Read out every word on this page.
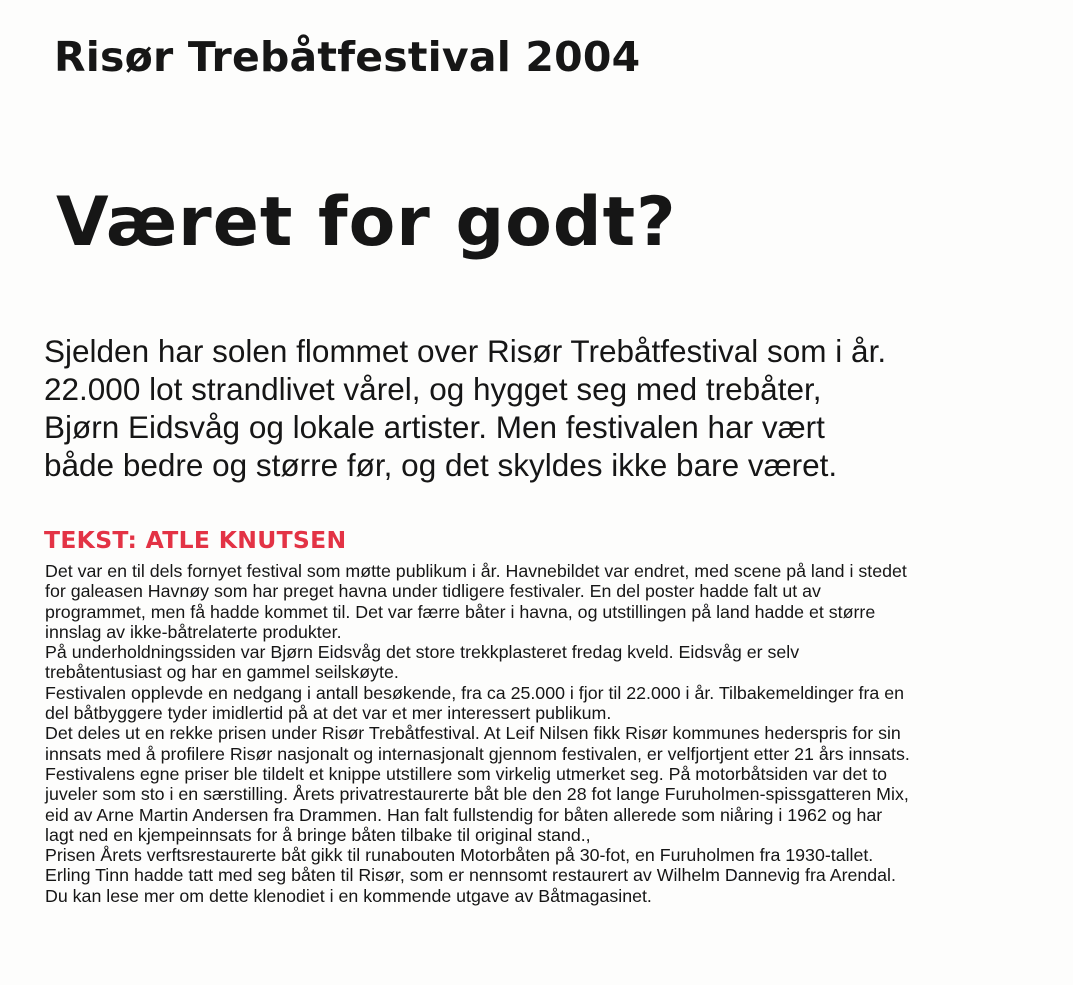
Risør Trebåtfestival 2004
Været for godt?

Sjelden har solen flommet over Risør Trebåtfestival som i år.
22.000 lot strandlivet vårel, og hygget seg med trebåter,
Bjørn Eidsvåg og lokale artister. Men festivalen har vært
både bedre og større før, og det skyldes ikke bare været.

TEKST: ATLE KNUTSEN

Det var en til dels fornyet festival som møtte publikum i år. Havnebildet var endret, med scene på land i stedet
for galeasen Havnøy som har preget havna under tidligere festivaler. En del poster hadde falt ut av
programmet, men få hadde kommet til. Det var færre båter i havna, og utstillingen på land hadde et større
innslag av ikke-båtrelaterte produkter.
På underholdningssiden var Bjørn Eidsvåg det store trekkplasteret fredag kveld. Eidsvåg er selv
trebåtentusiast og har en gammel seilskøyte.
Festivalen opplevde en nedgang i antall besøkende, fra ca 25.000 i fjor til 22.000 i år. Tilbakemeldinger fra en
del båtbyggere tyder imidlertid på at det var et mer interessert publikum.
Det deles ut en rekke prisen under Risør Trebåtfestival. At Leif Nilsen fikk Risør kommunes hederspris for sin
innsats med å profilere Risør nasjonalt og internasjonalt gjennom festivalen, er velfjortjent etter 21 års innsats.
Festivalens egne priser ble tildelt et knippe utstillere som virkelig utmerket seg. På motorbåtsiden var det to
juveler som sto i en særstilling. Årets privatrestaurerte båt ble den 28 fot lange Furuholmen-spissgatteren Mix,
eid av Arne Martin Andersen fra Drammen. Han falt fullstendig for båten allerede som niåring i 1962 og har
lagt ned en kjempeinnsats for å bringe båten tilbake til original stand.,
Prisen Årets verftsrestaurerte båt gikk til runabouten Motorbåten på 30-fot, en Furuholmen fra 1930-tallet.
Erling Tinn hadde tatt med seg båten til Risør, som er nennsomt restaurert av Wilhelm Dannevig fra Arendal.
Du kan lese mer om dette klenodiet i en kommende utgave av Båtmagasinet.
